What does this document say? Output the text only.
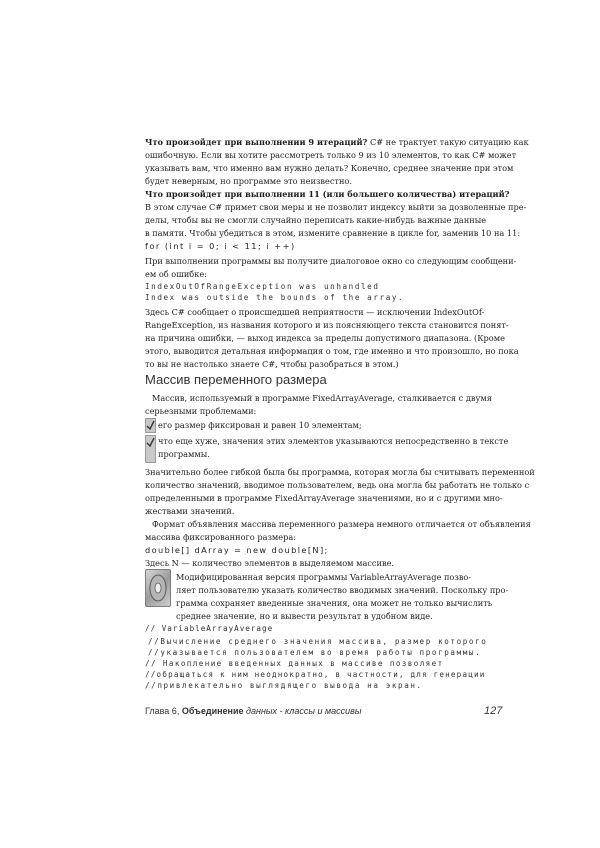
Что произойдет при выполнении 9 итераций? C# не трактует такую ситуацию как
ошибочную. Если вы хотите рассмотреть только 9 из 10 элементов, то как С# может
указывать вам, что именно вам нужно делать? Конечно, среднее значение при этом
будет неверным, но программе это неизвестно.
Что произойдет при выполнении 11 (или большего количества) итераций?
В этом случае С# примет свои меры и не позволит индексу выйти за дозволенные пре-
делы, чтобы вы не смогли случайно переписать какие-нибудь важные данные
в памяти. Чтобы убедиться в этом, измените сравнение в цикле for, заменив 10 на 11:
for (int i = 0; i < 11; i ++)
При выполнении программы вы получите диалоговое окно со следующим сообщени-
ем об ошибке:
IndexOutOfRangeException was unhandled
Index was outside the bounds of the array.
Здесь С# сообщает о происшедшей неприятности — исключении IndexOutOf-
RangeException, из названия которого и из поясняющего текста становится понят-
на причина ошибки, — выход индекса за пределы допустимого диапазона. (Кроме
этого, выводится детальная информация о том, где именно и что произошло, но пока
то вы не настолько знаете С#, чтобы разобраться в этом.)
Массив переменного размера
Массив, используемый в программе FixedArrayAverage, сталкивается с двумя
серьезными проблемами:
его размер фиксирован и равен 10 элементам;
что еще хуже, значения этих элементов указываются непосредственно в тексте
программы.
Значительно более гибкой была бы программа, которая могла бы считывать переменной
количество значений, вводимое пользователем, ведь она могла бы работать не только с
определенными в программе FixedArrayAverage значениями, но и с другими мно-
жествами значений.
Формат объявления массива переменного размера немного отличается от объявления
массива фиксированного размера:
double[] dArray = new double[N];
Здесь N — количество элементов в выделяемом массиве.
Модифицированная версия программы VariableArrayAverage позво-
ляет пользователю указать количество вводимых значений. Поскольку про-
грамма сохраняет введенные значения, она может не только вычислить
среднее значение, но и вывести результат в удобном виде.
// VariableArrayAverage
//Вычисление среднего значения массива, размер которого
//указывается пользователем во время работы программы.
// Накопление введенных данных в массиве позволяет
//обращаться к ним неоднократно, в частности, для генерации
//привлекательно выглядящего вывода на экран.
Глава 6, Объединение данных - классы и массивы	127
